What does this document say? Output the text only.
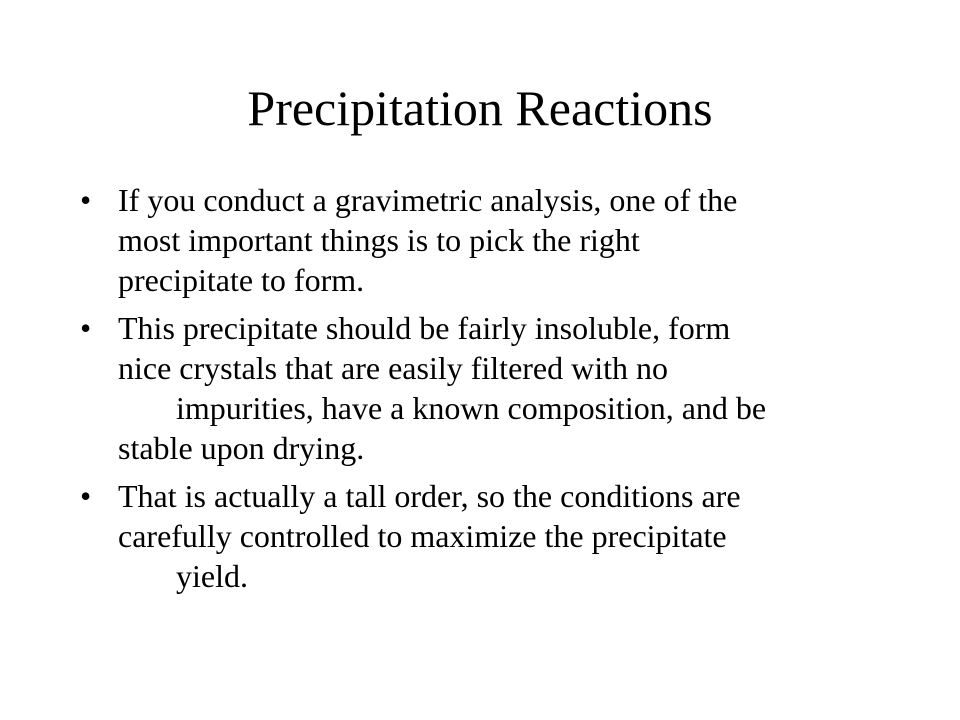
Precipitation Reactions
• If you conduct a gravimetric analysis, one of the
most important things is to pick the right
precipitate to form.
• This precipitate should be fairly insoluble, form
nice crystals that are easily filtered with no
impurities, have a known composition, and be
stable upon drying.
• That is actually a tall order, so the conditions are
carefully controlled to maximize the precipitate
yield.
